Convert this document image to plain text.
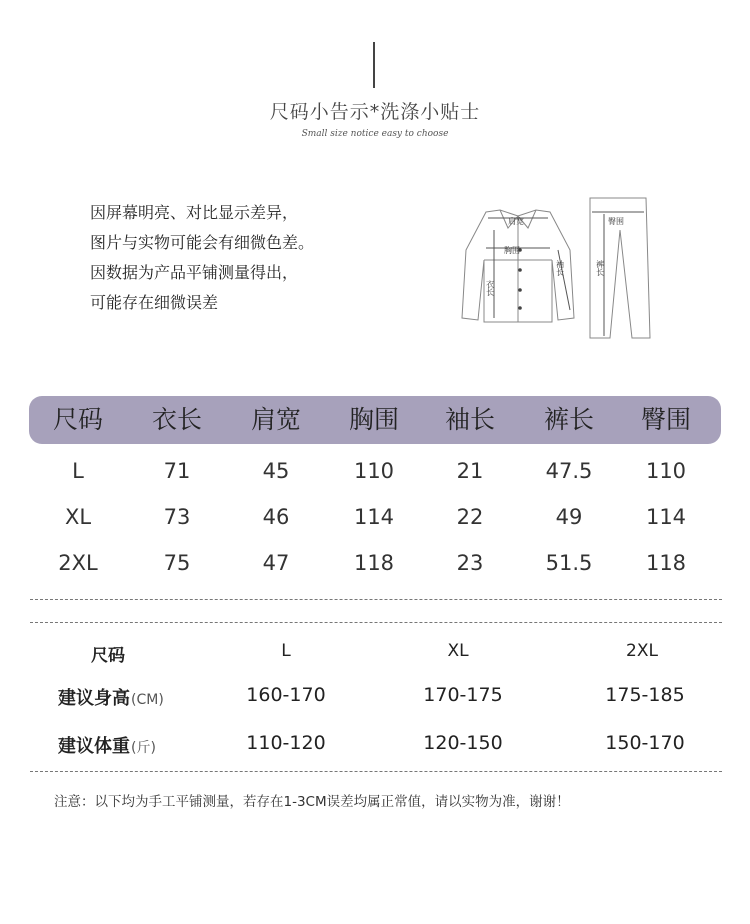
尺码小告示*洗涤小贴士
Small size notice easy to choose
因屏幕明亮、对比显示差异，
图片与实物可能会有细微色差。
因数据为产品平铺测量得出，
可能存在细微误差
肩宽
胸围
衣长
袖长
臀围
裤长
尺码	衣长	肩宽	胸围	袖长	裤长	臀围
L	71	45	110	21	47.5	110
XL	73	46	114	22	49	114
2XL	75	47	118	23	51.5	118
尺码	L	XL	2XL
建议身高(CM)	160-170	170-175	175-185
建议体重(斤)	110-120	120-150	150-170
注意：以下均为手工平铺测量，若存在1-3CM误差均属正常值，请以实物为准，谢谢！
